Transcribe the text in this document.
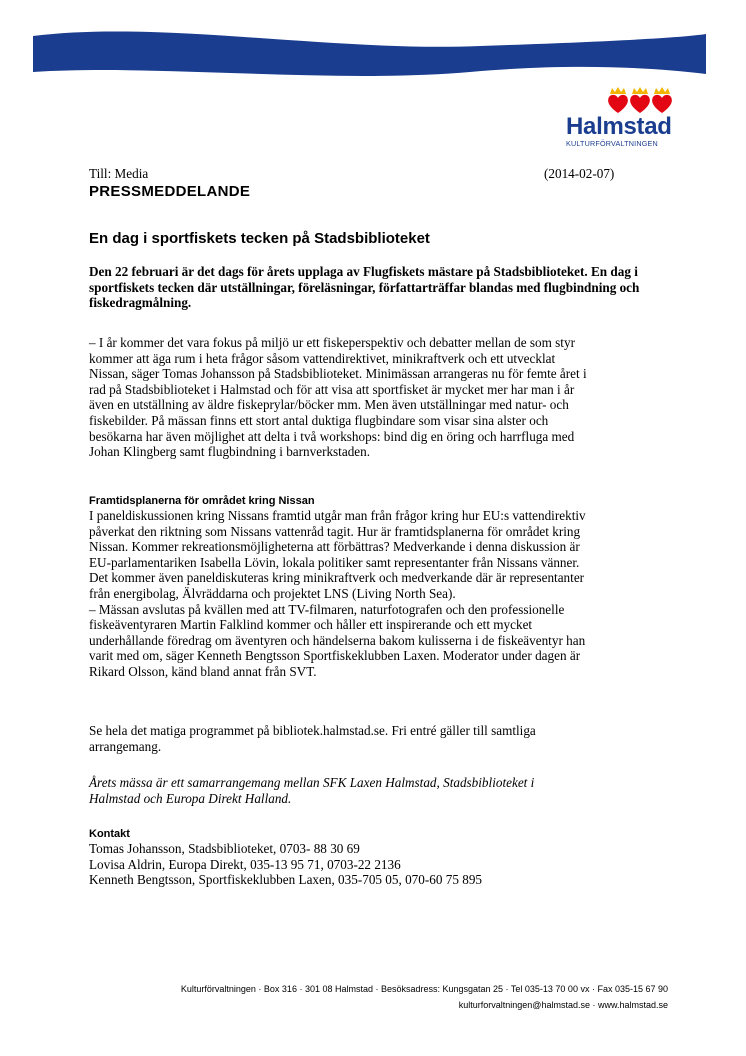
Halmstad
KULTURFÖRVALTNINGEN
Till: Media	(2014-02-07)
PRESSMEDDELANDE
En dag i sportfiskets tecken på Stadsbiblioteket
Den 22 februari är det dags för årets upplaga av Flugfiskets mästare på Stadsbiblioteket. En dag i sportfiskets tecken där utställningar, föreläsningar, författarträffar blandas med flugbindning och fiskedragmålning.

– I år kommer det vara fokus på miljö ur ett fiskeperspektiv och debatter mellan de som styr

kommer att äga rum i heta frågor såsom vattendirektivet, minikraftverk och ett utvecklat

Nissan, säger Tomas Johansson på Stadsbiblioteket. Minimässan arrangeras nu för femte året i

rad på Stadsbiblioteket i Halmstad och för att visa att sportfisket är mycket mer har man i år

även en utställning av äldre fiskeprylar/böcker mm. Men även utställningar med natur- och

fiskebilder. På mässan finns ett stort antal duktiga flugbindare som visar sina alster och

besökarna har även möjlighet att delta i två workshops: bind dig en öring och harrfluga med

Johan Klingberg samt flugbindning i barnverkstaden.

Framtidsplanerna för området kring Nissan

I paneldiskussionen kring Nissans framtid utgår man från frågor kring hur EU:s vattendirektiv

påverkat den riktning som Nissans vattenråd tagit. Hur är framtidsplanerna för området kring

Nissan. Kommer rekreationsmöjligheterna att förbättras? Medverkande i denna diskussion är

EU-parlamentariken Isabella Lövin, lokala politiker samt representanter från Nissans vänner.

Det kommer även paneldiskuteras kring minikraftverk och medverkande där är representanter

från energibolag, Älvräddarna och projektet LNS (Living North Sea).

– Mässan avslutas på kvällen med att TV-filmaren, naturfotografen och den professionelle

fiskeäventyraren Martin Falklind kommer och håller ett inspirerande och ett mycket

underhållande föredrag om äventyren och händelserna bakom kulisserna i de fiskeäventyr han

varit med om, säger Kenneth Bengtsson Sportfiskeklubben Laxen. Moderator under dagen är

Rikard Olsson, känd bland annat från SVT.

Se hela det matiga programmet på bibliotek.halmstad.se. Fri entré gäller till samtliga

arrangemang.

Årets mässa är ett samarrangemang mellan SFK Laxen Halmstad, Stadsbiblioteket i

Halmstad och Europa Direkt Halland.

Kontakt

Tomas Johansson, Stadsbiblioteket, 0703- 88 30 69

Lovisa Aldrin, Europa Direkt, 035-13 95 71, 0703-22 2136

Kenneth Bengtsson, Sportfiskeklubben Laxen, 035-705 05, 070-60 75 895

Kulturförvaltningen · Box 316 · 301 08 Halmstad · Besöksadress: Kungsgatan 25 · Tel 035-13 70 00 vx · Fax 035-15 67 90
kulturforvaltningen@halmstad.se · www.halmstad.se
